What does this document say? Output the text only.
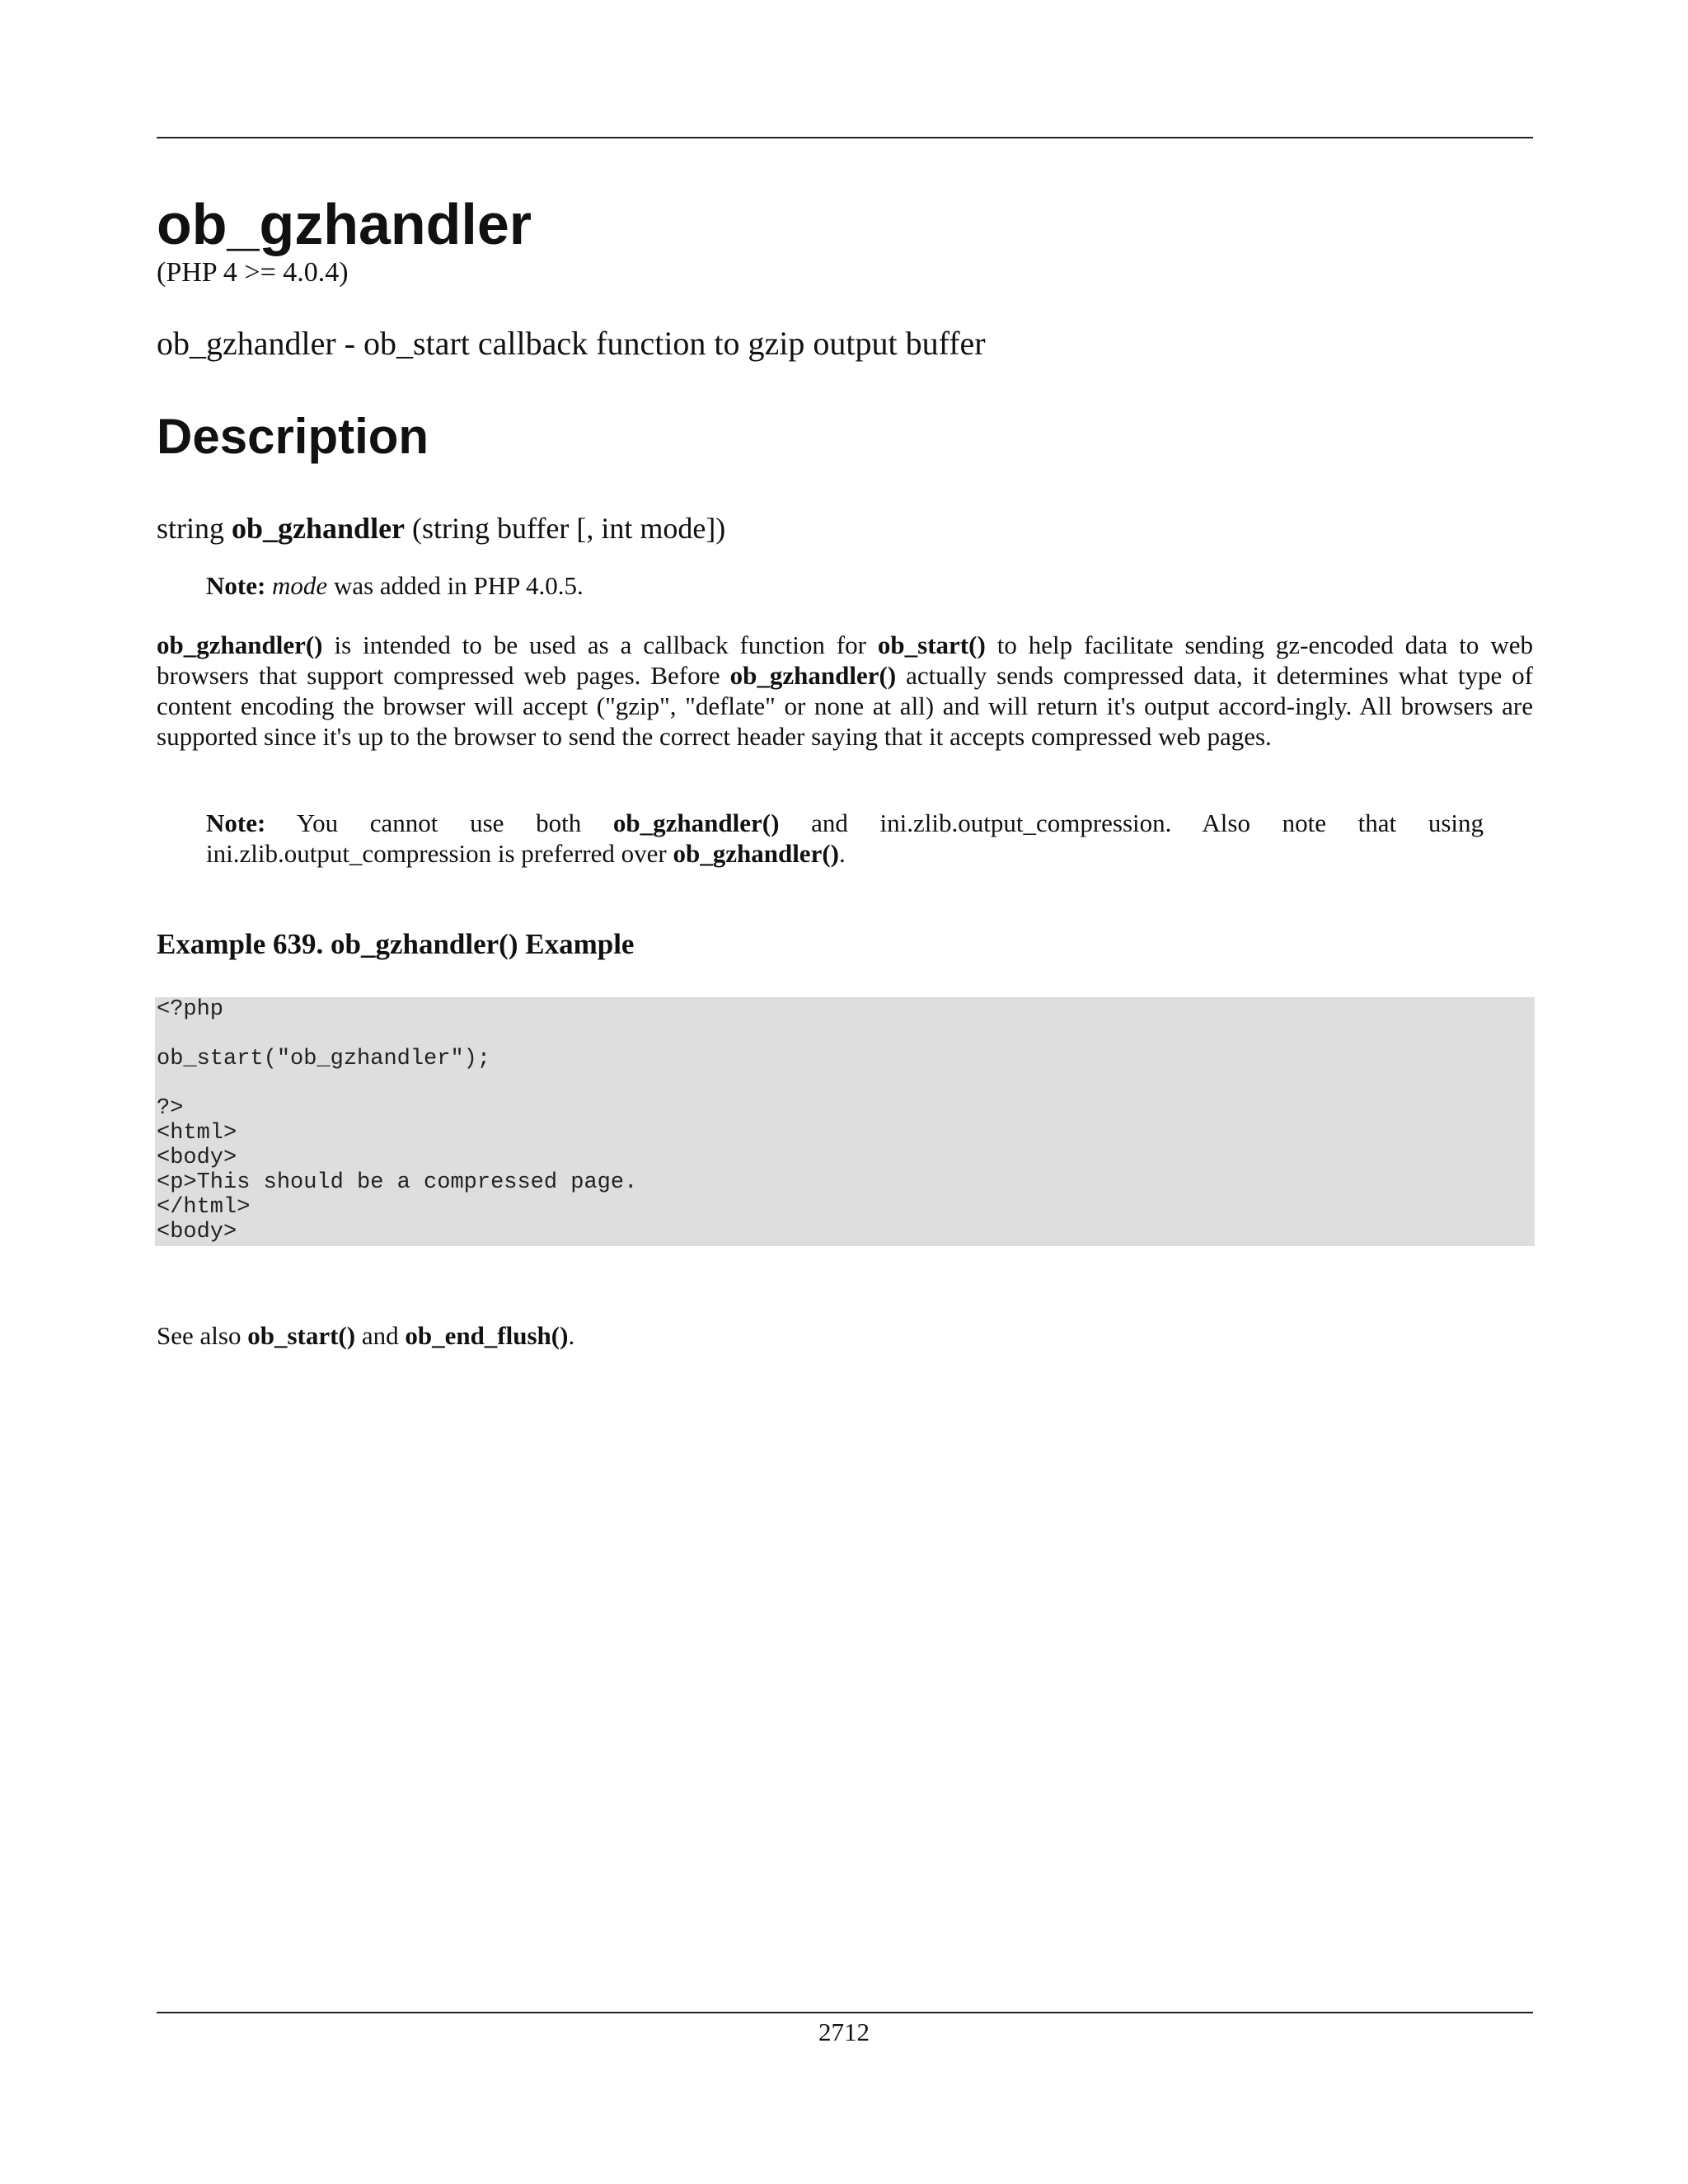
ob_gzhandler
(PHP 4 >= 4.0.4)
ob_gzhandler - ob_start callback function to gzip output buffer
Description
string ob_gzhandler (string buffer [, int mode])
Note: mode was added in PHP 4.0.5.
ob_gzhandler() is intended to be used as a callback function for ob_start() to help facilitate sending gz-encoded data to web browsers that support compressed web pages. Before ob_gzhandler() actually sends compressed data, it determines what type of content encoding the browser will accept ("gzip", "deflate" or none at all) and will return it's output accord-ingly. All browsers are supported since it's up to the browser to send the correct header saying that it accepts compressed web pages.
Note: You cannot use both ob_gzhandler() and ini.zlib.output_compression. Also note that using ini.zlib.output_compression is preferred over ob_gzhandler().
Example 639. ob_gzhandler() Example
<?php

ob_start("ob_gzhandler");

?>
<html>
<body>
<p>This should be a compressed page.
</html>
<body>
See also ob_start() and ob_end_flush().
2712
